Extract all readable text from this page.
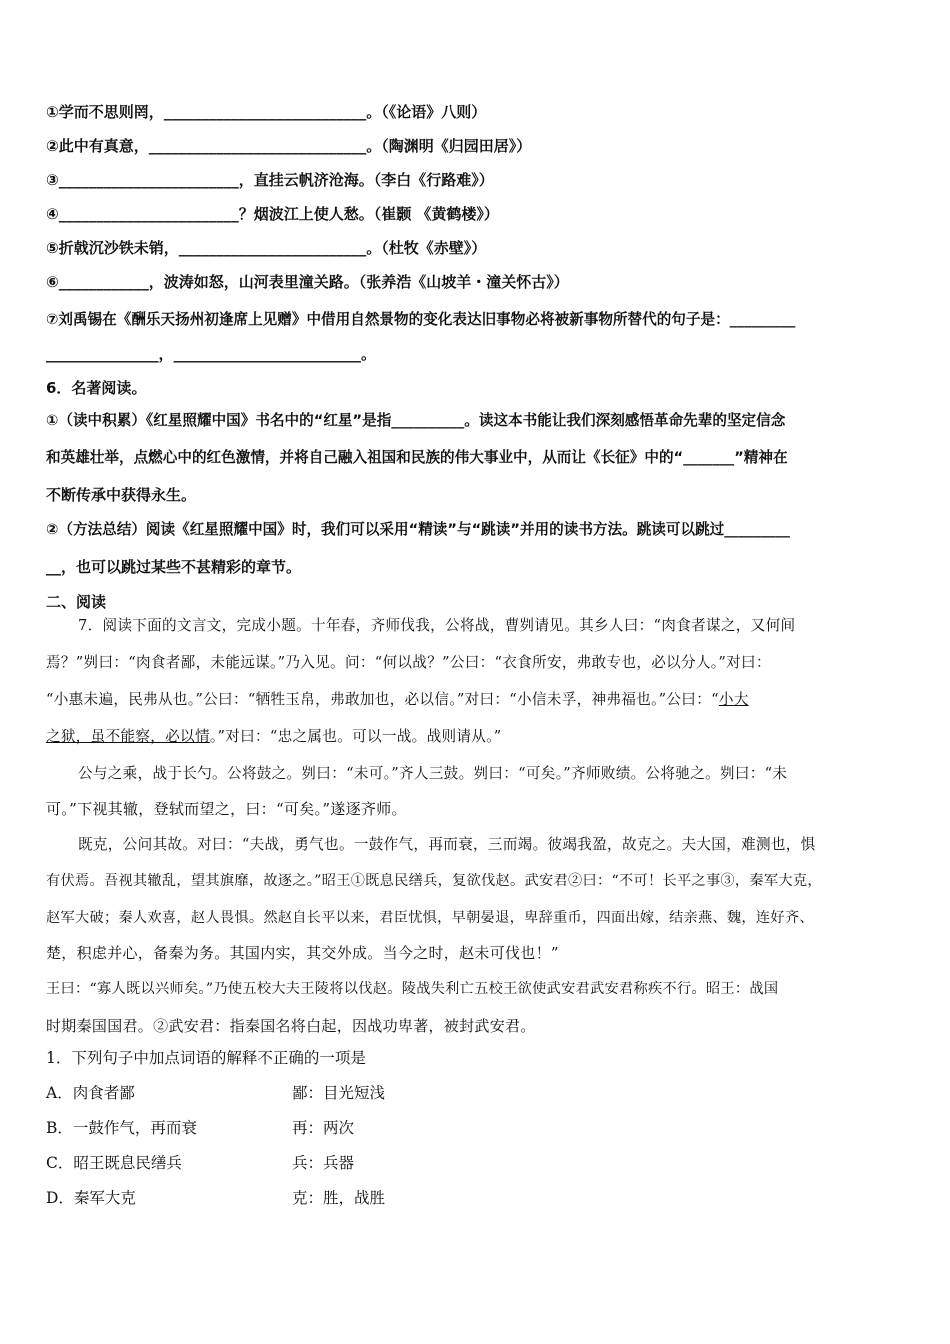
①学而不思则罔，___________________________。（《论语》八则）
②此中有真意，_____________________________。（陶渊明《归园田居》）
③________________________，直挂云帆济沧海。（李白《行路难》）
④________________________？烟波江上使人愁。（崔颢 《黄鹤楼》）
⑤折戟沉沙铁未销，_________________________。（杜牧《赤壁》）
⑥____________，波涛如怒，山河表里潼关路。（张养浩《山坡羊・潼关怀古》）
⑦刘禹锡在《酬乐天扬州初逢席上见赠》中借用自然景物的变化表达旧事物必将被新事物所替代的句子是：_________
_______________，_________________________。
6．名著阅读。
①（读中积累）《红星照耀中国》书名中的“红星”是指__________。读这本书能让我们深刻感悟革命先辈的坚定信念
和英雄壮举，点燃心中的红色激情，并将自己融入祖国和民族的伟大事业中，从而让《长征》中的“_______”精神在
不断传承中获得永生。
②（方法总结）阅读《红星照耀中国》时，我们可以采用“精读”与“跳读”并用的读书方法。跳读可以跳过_________
__，也可以跳过某些不甚精彩的章节。
二、阅读
7．阅读下面的文言文，完成小题。十年春，齐师伐我，公将战，曹刿请见。其乡人曰：“肉食者谋之，又何间
焉？”刿曰：“肉食者鄙，未能远谋。”乃入见。问：“何以战？”公曰：“衣食所安，弗敢专也，必以分人。”对曰：
“小惠未遍，民弗从也。”公曰：“牺牲玉帛，弗敢加也，必以信。”对曰：“小信未孚，神弗福也。”公曰：“小大
之狱，虽不能察，必以情。”对曰：“忠之属也。可以一战。战则请从。”
公与之乘，战于长勺。公将鼓之。刿曰：“未可。”齐人三鼓。刿曰：“可矣。”齐师败绩。公将驰之。刿曰：“未
可。”下视其辙，登轼而望之，曰：“可矣。”遂逐齐师。
既克，公问其故。对曰：“夫战，勇气也。一鼓作气，再而衰，三而竭。彼竭我盈，故克之。夫大国，难测也，惧
有伏焉。吾视其辙乱，望其旗靡，故逐之。”昭王①既息民缮兵，复欲伐赵。武安君②曰：“不可！长平之事③，秦军大克，
赵军大破；秦人欢喜，赵人畏惧。然赵自长平以来，君臣忧惧，早朝晏退，卑辞重币，四面出嫁，结亲燕、魏，连好齐、
楚，积虑并心，备秦为务。其国内实，其交外成。当今之时，赵未可伐也！”
王曰：“寡人既以兴师矣。”乃使五校大夫王陵将以伐赵。陵战失利亡五校王欲使武安君武安君称疾不行。昭王：战国
时期秦国国君。②武安君：指秦国名将白起，因战功卑著，被封武安君。
1．下列句子中加点词语的解释不正确的一项是
A．肉食者鄙	鄙：目光短浅
B．一鼓作气，再而衰	再：两次
C．昭王既息民缮兵	兵：兵器
D．秦军大克	克：胜，战胜
